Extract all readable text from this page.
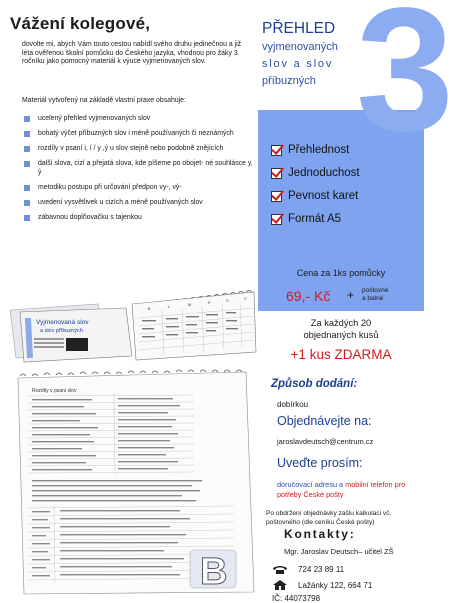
Vážení kolegové,
dovolte mi, abych Vám touto cestou nabídl svého druhu jedinečnou a již léta ověřenou školní pomůcku do Českého jazyka, vhodnou pro žáky 3. ročníku jako pomocný materiál k výuce vyjmenovaných slov.
Materiál vytvořený na základě vlastní praxe obsahuje:
ucelený přehled vyjmenovaných slov
bohatý výčet příbuzných slov i méně používaných či neznámých
rozdíly v psaní i, í / y ,ý u slov stejně nebo podobně znějících
další slova, cizí a přejatá slova, kde píšeme po obojet- né souhlásce y, ý
metodiku postupu při určování předpon vy-, vý-
uvedení vysvětlivek u cizích a méně používaných slov
zábavnou doplňovačku s tajenkou
Vyjmenovaná slov
a slov příbuzných
B	L	M	P	S	V
Rozdíly v psaní slov
B
3
PŘEHLED
vyjmenovaných
slov a slov
příbuzných
Přehlednost
Jednoduchost
Pevnost karet
Formát A5
Cena za 1ks pomůcky
69,- Kč + poštovné
a balné
Za každých 20
objednaných kusů
+1 kus ZDARMA
Způsob dodání:
dobírkou
Objednávejte na:
jaroslavdeutsch@centrum.cz
Uveďte prosím:
doručovací adresu a mobilní telefon pro potřeby České pošty
Po obdržení objednávky zašlu kalkulaci vč. poštovného (dle ceníku České pošty)
Kontakty:
Mgr. Jaroslav Deutsch– učitel ZŠ
724 23 89 11
Lažánky 122, 664 71
IČ: 44073798
